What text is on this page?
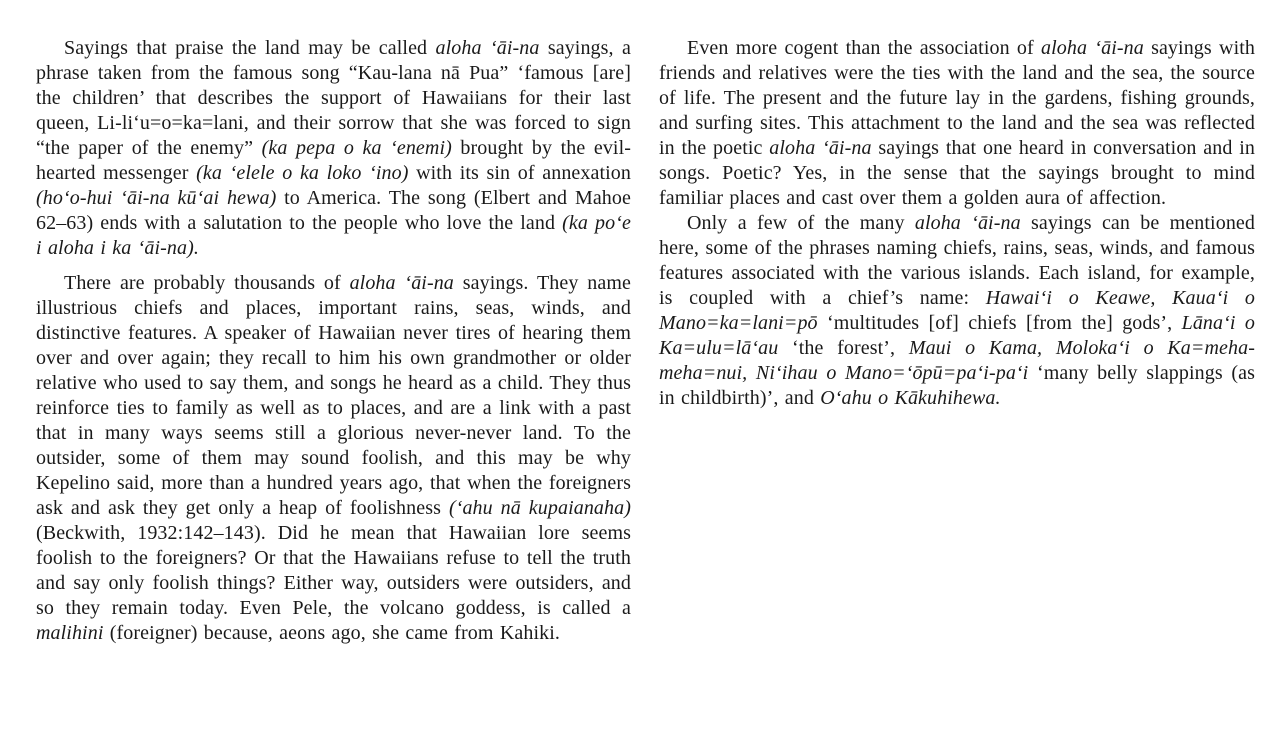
Sayings that praise the land may be called aloha ʻāi-na sayings, a phrase taken from the famous song “Kau-lana nā Pua” ‘famous [are] the children’ that describes the support of Hawaiians for their last queen, Li-liʻu=o=ka=lani, and their sorrow that she was forced to sign “the paper of the enemy” (ka pepa o ka ʻenemi) brought by the evil-hearted messenger (ka ʻelele o ka loko ʻino) with its sin of annexation (hoʻo-hui ʻāi-na kūʻai hewa) to America. The song (Elbert and Mahoe 62–63) ends with a salutation to the people who love the land (ka poʻe i aloha i ka ʻāi-na).

There are probably thousands of aloha ʻāi-na sayings. They name illustrious chiefs and places, important rains, seas, winds, and distinctive features. A speaker of Hawaiian never tires of hearing them over and over again; they recall to him his own grandmother or older relative who used to say them, and songs he heard as a child. They thus reinforce ties to family as well as to places, and are a link with a past that in many ways seems still a glorious never-never land. To the outsider, some of them may sound foolish, and this may be why Kepelino said, more than a hundred years ago, that when the foreigners ask and ask they get only a heap of foolishness (ʻahu nā kupaianaha) (Beckwith, 1932:142–143). Did he mean that Hawaiian lore seems foolish to the foreigners? Or that the Hawaiians refuse to tell the truth and say only foolish things? Either way, outsiders were outsiders, and so they remain today. Even Pele, the volcano goddess, is called a malihini (foreigner) because, aeons ago, she came from Kahiki.

Even more cogent than the association of aloha ʻāi-na sayings with friends and relatives were the ties with the land and the sea, the source of life. The present and the future lay in the gardens, fishing grounds, and surfing sites. This attachment to the land and the sea was reflected in the poetic aloha ʻāi-na sayings that one heard in conversation and in songs. Poetic? Yes, in the sense that the sayings brought to mind familiar places and cast over them a golden aura of affection.

Only a few of the many aloha ʻāi-na sayings can be mentioned here, some of the phrases naming chiefs, rains, seas, winds, and famous features associated with the various islands. Each island, for example, is coupled with a chief’s name: Hawaiʻi o Keawe, Kauaʻi o Mano=ka=lani=pō ‘multitudes [of] chiefs [from the] gods’, Lānaʻi o Ka=ulu=lāʻau ‘the forest’, Maui o Kama, Molokaʻi o Ka=meha-meha=nui, Niʻihau o Mano=ʻōpū=paʻi-paʻi ‘many belly slappings (as in childbirth)’, and Oʻahu o Kākuhihewa.
